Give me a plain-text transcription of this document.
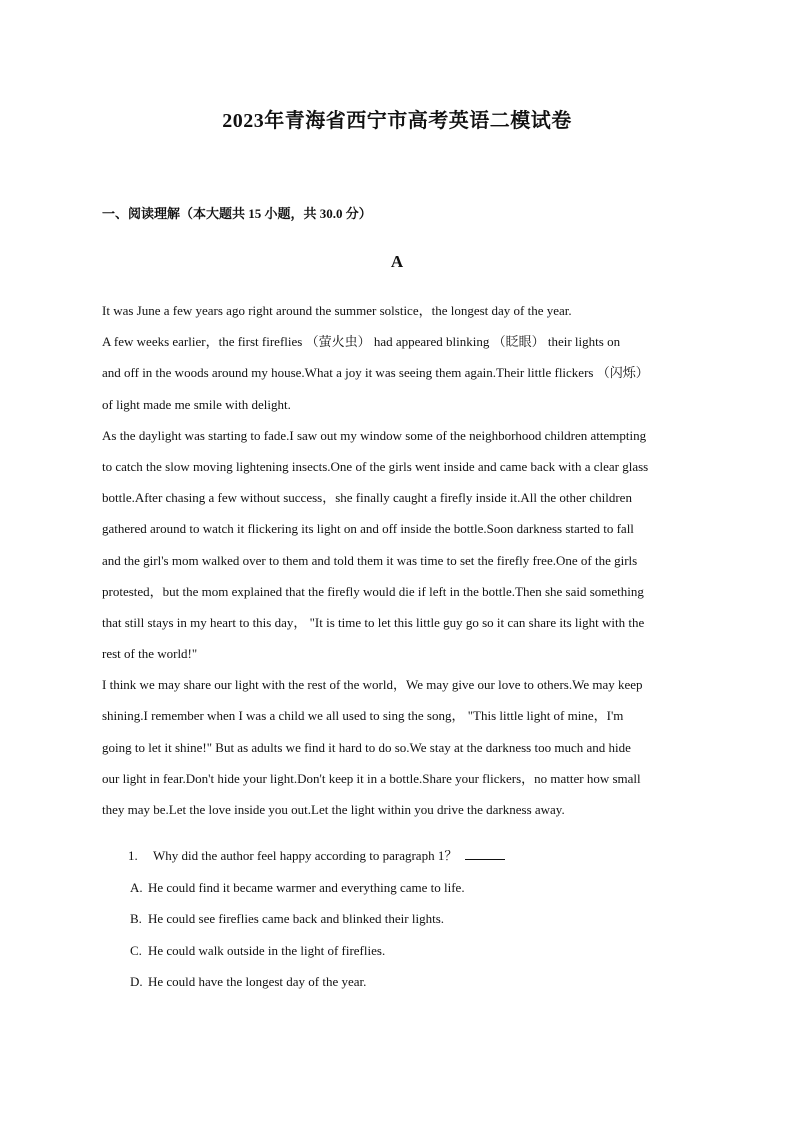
2023年青海省西宁市高考英语二模试卷
一、阅读理解（本大题共 15 小题，共 30.0 分）
A
It was June a few years ago right around the summer solstice，the longest day of the year.
A few weeks earlier，the first fireflies （萤火虫） had appeared blinking （眨眼） their lights on
and off in the woods around my house.What a joy it was seeing them again.Their little flickers （闪烁）
of light made me smile with delight.
As the daylight was starting to fade.I saw out my window some of the neighborhood children attempting
to catch the slow moving lightening insects.One of the girls went inside and came back with a clear glass
bottle.After chasing a few without success，she finally caught a firefly inside it.All the other children
gathered around to watch it flickering its light on and off inside the bottle.Soon darkness started to fall
and the girl's mom walked over to them and told them it was time to set the firefly free.One of the girls
protested，but the mom explained that the firefly would die if left in the bottle.Then she said something
that still stays in my heart to this day， "It is time to let this little guy go so it can share its light with the
rest of the world!"
I think we may share our light with the rest of the world，We may give our love to others.We may keep
shining.I remember when I was a child we all used to sing the song， "This little light of mine，I'm
going to let it shine!" But as adults we find it hard to do so.We stay at the darkness too much and hide
our light in fear.Don't hide your light.Don't keep it in a bottle.Share your flickers，no matter how small
they may be.Let the love inside you out.Let the light within you drive the darkness away.
1. Why did the author feel happy according to paragraph 1？
A. He could find it became warmer and everything came to life.
B. He could see fireflies came back and blinked their lights.
C. He could walk outside in the light of fireflies.
D. He could have the longest day of the year.
